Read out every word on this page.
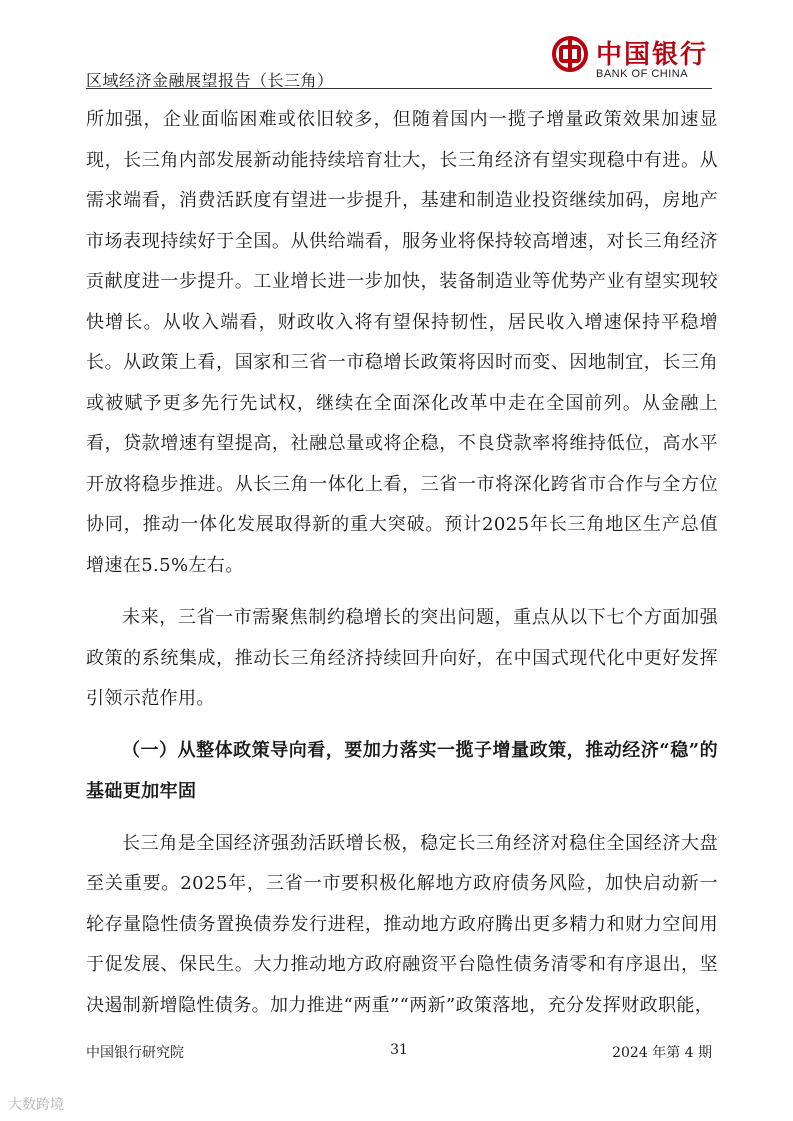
区域经济金融展望报告（长三角）
中国银行
BANK OF CHINA

所加强，企业面临困难或依旧较多，但随着国内一揽子增量政策效果加速显现，长三角内部发展新动能持续培育壮大，长三角经济有望实现稳中有进。从需求端看，消费活跃度有望进一步提升，基建和制造业投资继续加码，房地产市场表现持续好于全国。从供给端看，服务业将保持较高增速，对长三角经济贡献度进一步提升。工业增长进一步加快，装备制造业等优势产业有望实现较快增长。从收入端看，财政收入将有望保持韧性，居民收入增速保持平稳增长。从政策上看，国家和三省一市稳增长政策将因时而变、因地制宜，长三角或被赋予更多先行先试权，继续在全面深化改革中走在全国前列。从金融上看，贷款增速有望提高，社融总量或将企稳，不良贷款率将维持低位，高水平开放将稳步推进。从长三角一体化上看，三省一市将深化跨省市合作与全方位协同，推动一体化发展取得新的重大突破。预计2025年长三角地区生产总值增速在5.5%左右。

未来，三省一市需聚焦制约稳增长的突出问题，重点从以下七个方面加强政策的系统集成，推动长三角经济持续回升向好，在中国式现代化中更好发挥引领示范作用。

（一）从整体政策导向看，要加力落实一揽子增量政策，推动经济“稳”的基础更加牢固

长三角是全国经济强劲活跃增长极，稳定长三角经济对稳住全国经济大盘至关重要。2025年，三省一市要积极化解地方政府债务风险，加快启动新一轮存量隐性债务置换债券发行进程，推动地方政府腾出更多精力和财力空间用于促发展、保民生。大力推动地方政府融资平台隐性债务清零和有序退出，坚决遏制新增隐性债务。加力推进“两重”“两新”政策落地，充分发挥财政职能，

中国银行研究院	31	2024 年第 4 期
大数跨境
